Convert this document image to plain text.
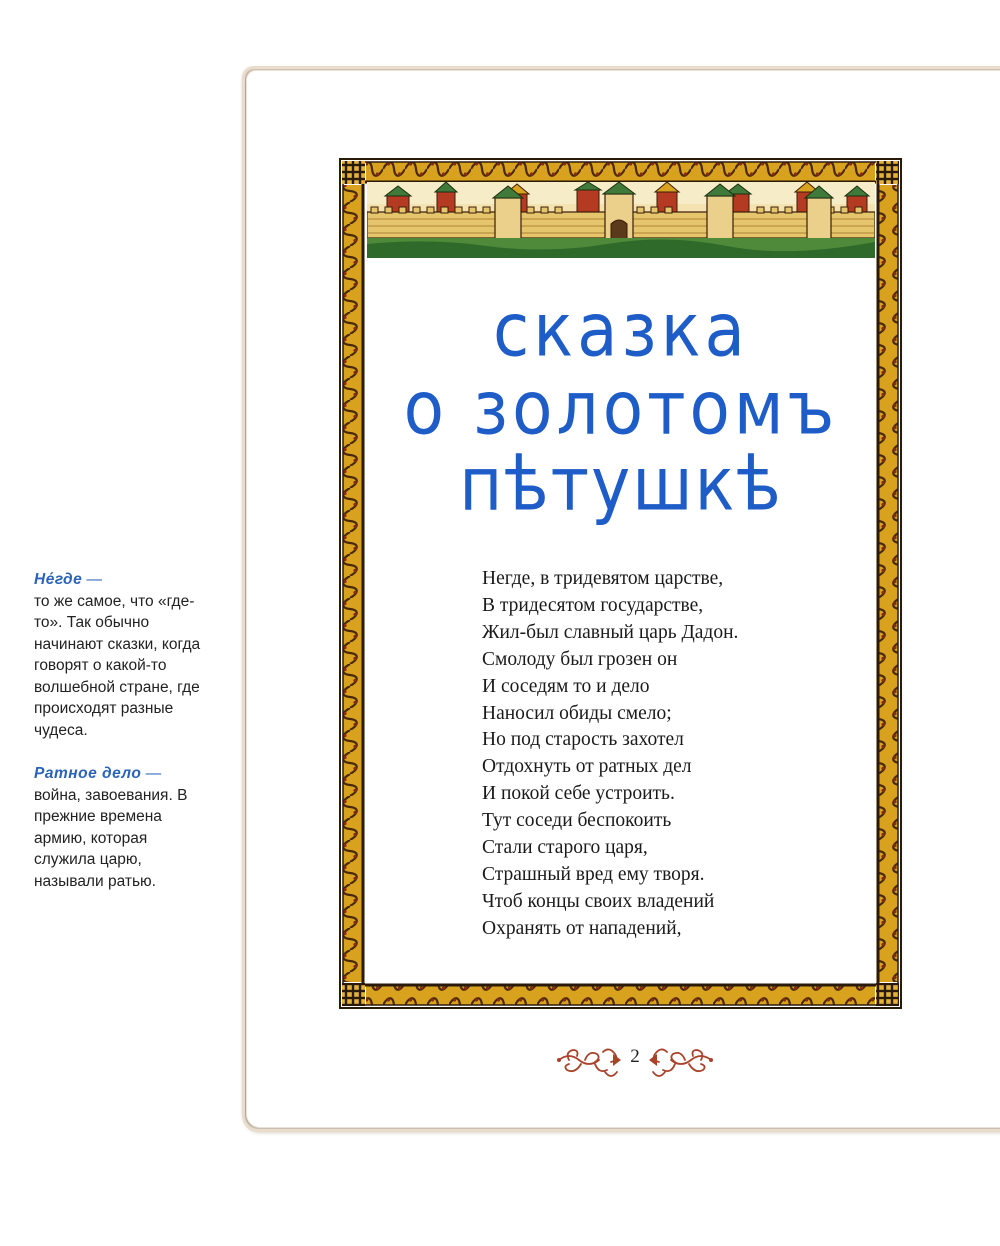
Не́где —
то же самое, что «где-то». Так обычно начинают сказки, когда говорят о какой-то волшебной стране, где происходят разные чудеса.
Ратное дело —
война, завоевания. В прежние времена армию, которая служила царю, называли ратью.
сказка
о золотомъ
пѣтушкѣ
Негде, в тридевятом царстве,
В тридесятом государстве,
Жил-был славный царь Дадон.
Смолоду был грозен он
И соседям то и дело
Наносил обиды смело;
Но под старость захотел
Отдохнуть от ратных дел
И покой себе устроить.
Тут соседи беспокоить
Стали старого царя,
Страшный вред ему творя.
Чтоб концы своих владений
Охранять от нападений,
2
